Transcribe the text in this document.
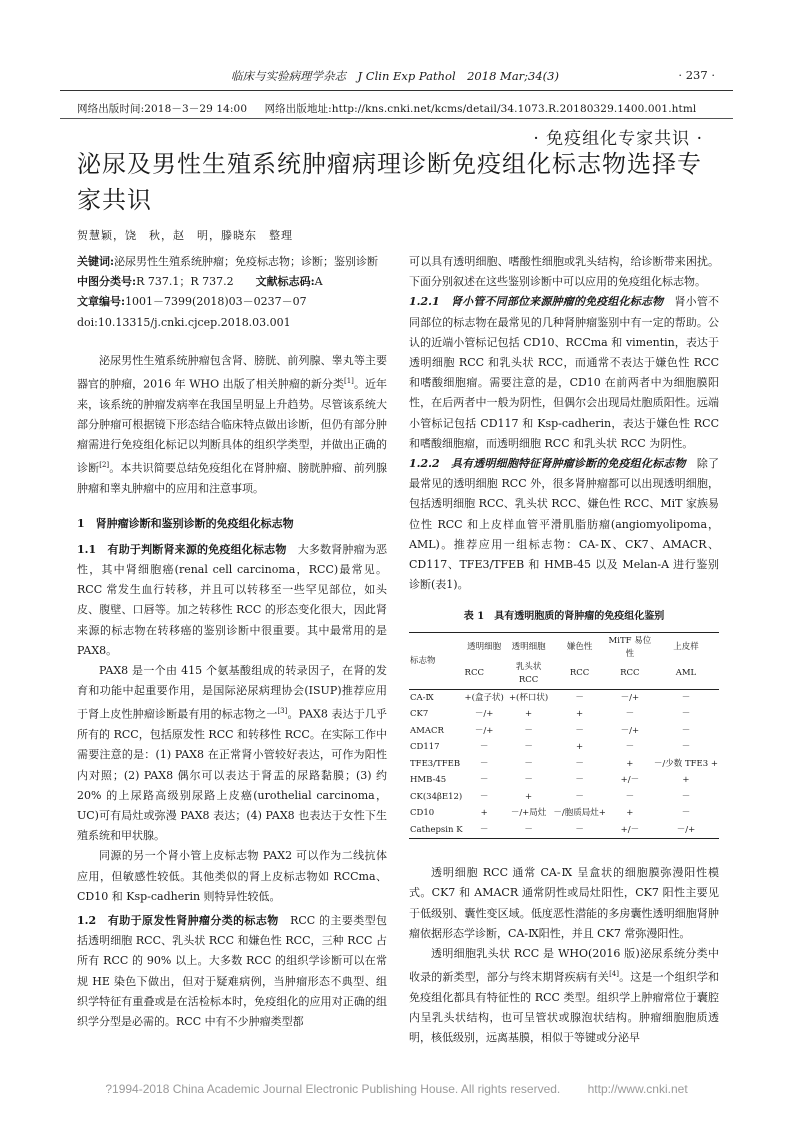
临床与实验病理学杂志　J Clin Exp Pathol　2018 Mar;34(3)	· 237 ·
网络出版时间:2018－3－29 14:00 网络出版地址:http://kns.cnki.net/kcms/detail/34.1073.R.20180329.1400.001.html
· 免疫组化专家共识 ·
泌尿及男性生殖系统肿瘤病理诊断免疫组化标志物选择专家共识
贺慧颖，饶　秋，赵　明，滕晓东　整理

关键词:泌尿男性生殖系统肿瘤；免疫标志物；诊断；鉴别诊断

中图分类号:R 737.1；R 737.2　　 文献标志码:A

文章编号:1001－7399(2018)03－0237－07

doi:10.13315/j.cnki.cjcep.2018.03.001

泌尿男性生殖系统肿瘤包含肾、膀胱、前列腺、睾丸等主要器官的肿瘤，2016 年 WHO 出版了相关肿瘤的新分类[1]。近年来，该系统的肿瘤发病率在我国呈明显上升趋势。尽管该系统大部分肿瘤可根据镜下形态结合临床特点做出诊断，但仍有部分肿瘤需进行免疫组化标记以判断具体的组织学类型，并做出正确的诊断[2]。本共识简要总结免疫组化在肾肿瘤、膀胱肿瘤、前列腺肿瘤和睾丸肿瘤中的应用和注意事项。

1　肾肿瘤诊断和鉴别诊断的免疫组化标志物

1.1　有助于判断肾来源的免疫组化标志物　 大多数肾肿瘤为恶性，其中肾细胞癌(renal cell carcinoma，RCC)最常见。RCC 常发生血行转移，并且可以转移至一些罕见部位，如头皮、腹壁、口唇等。加之转移性 RCC 的形态变化很大，因此肾来源的标志物在转移癌的鉴别诊断中很重要。其中最常用的是 PAX8。

PAX8 是一个由 415 个氨基酸组成的转录因子，在肾的发育和功能中起重要作用，是国际泌尿病理协会(ISUP)推荐应用于肾上皮性肿瘤诊断最有用的标志物之一[3]。PAX8 表达于几乎所有的 RCC，包括原发性 RCC 和转移性 RCC。在实际工作中需要注意的是：(1) PAX8 在正常肾小管较好表达，可作为阳性内对照；(2) PAX8 偶尔可以表达于肾盂的尿路黏膜；(3) 约 20% 的上尿路高级别尿路上皮癌(urothelial carcinoma，UC)可有局灶或弥漫 PAX8 表达；(4) PAX8 也表达于女性下生殖系统和甲状腺。

同源的另一个肾小管上皮标志物 PAX2 可以作为二线抗体应用，但敏感性较低。其他类似的肾上皮标志物如 RCCma、CD10 和 Ksp-cadherin 则特异性较低。

1.2　有助于原发性肾肿瘤分类的标志物　 RCC 的主要类型包括透明细胞 RCC、乳头状 RCC 和嫌色性 RCC，三种 RCC 占所有 RCC 的 90% 以上。大多数 RCC 的组织学诊断可以在常规 HE 染色下做出，但对于疑难病例，当肿瘤形态不典型、组织学特征有重叠或是在活检标本时，免疫组化的应用对正确的组织学分型是必需的。RCC 中有不少肿瘤类型都

可以具有透明细胞、嗜酸性细胞或乳头结构，给诊断带来困扰。下面分别叙述在这些鉴别诊断中可以应用的免疫组化标志物。

1.2.1　肾小管不同部位来源肿瘤的免疫组化标志物　 肾小管不同部位的标志物在最常见的几种肾肿瘤鉴别中有一定的帮助。公认的近端小管标记包括 CD10、RCCma 和 vimentin，表达于透明细胞 RCC 和乳头状 RCC，而通常不表达于嫌色性 RCC 和嗜酸细胞瘤。需要注意的是，CD10 在前两者中为细胞膜阳性，在后两者中一般为阴性，但偶尔会出现局灶胞质阳性。远端小管标记包括 CD117 和 Ksp-cadherin，表达于嫌色性 RCC 和嗜酸细胞瘤，而透明细胞 RCC 和乳头状 RCC 为阴性。

1.2.2　具有透明细胞特征肾肿瘤诊断的免疫组化标志物　 除了最常见的透明细胞 RCC 外，很多肾肿瘤都可以出现透明细胞，包括透明细胞 RCC、乳头状 RCC、嫌色性 RCC、MiT 家族易位性 RCC 和上皮样血管平滑肌脂肪瘤(angiomyolipoma，AML)。推荐应用一组标志物：CA-Ⅸ、CK7、AMACR、CD117、TFE3/TFEB 和 HMB-45 以及 Melan-A 进行鉴别诊断(表1)。

表 1　具有透明胞质的肾肿瘤的免疫组化鉴别

标志物	透明细胞	透明细胞	嫌色性	MiTF 易位性	上皮样
	RCC	乳头状 RCC	RCC	RCC	AML
CA-Ⅸ	+(盒子状)	+(杯口状)	－	－/+	－
CK7	－/+	+	+	－	－
AMACR	－/+	－	－	－/+	－
CD117	－	－	+	－	－
TFE3/TFEB	－	－	－	+	－/少数 TFE3 +
HMB-45	－	－	－	+/－	+
CK(34βE12)	－	+	－	－	－
CD10	+	－/+局灶	－/胞质局灶+	+	－
Cathepsin K	－	－	－	+/－	－/+

透明细胞 RCC 通常 CA-Ⅸ 呈盒状的细胞膜弥漫阳性模式。CK7 和 AMACR 通常阴性或局灶阳性，CK7 阳性主要见于低级别、囊性变区域。低度恶性潜能的多房囊性透明细胞肾肿瘤依据形态学诊断，CA-Ⅸ阳性，并且 CK7 常弥漫阳性。

透明细胞乳头状 RCC 是 WHO(2016 版)泌尿系统分类中收录的新类型，部分与终末期肾疾病有关[4]。这是一个组织学和免疫组化都具有特征性的 RCC 类型。组织学上肿瘤常位于囊腔内呈乳头状结构，也可呈管状或腺泡状结构。肿瘤细胞胞质透明，核低级别，远离基膜，相似于等键或分泌早

?1994-2018 China Academic Journal Electronic Publishing House. All rights reserved. http://www.cnki.net
